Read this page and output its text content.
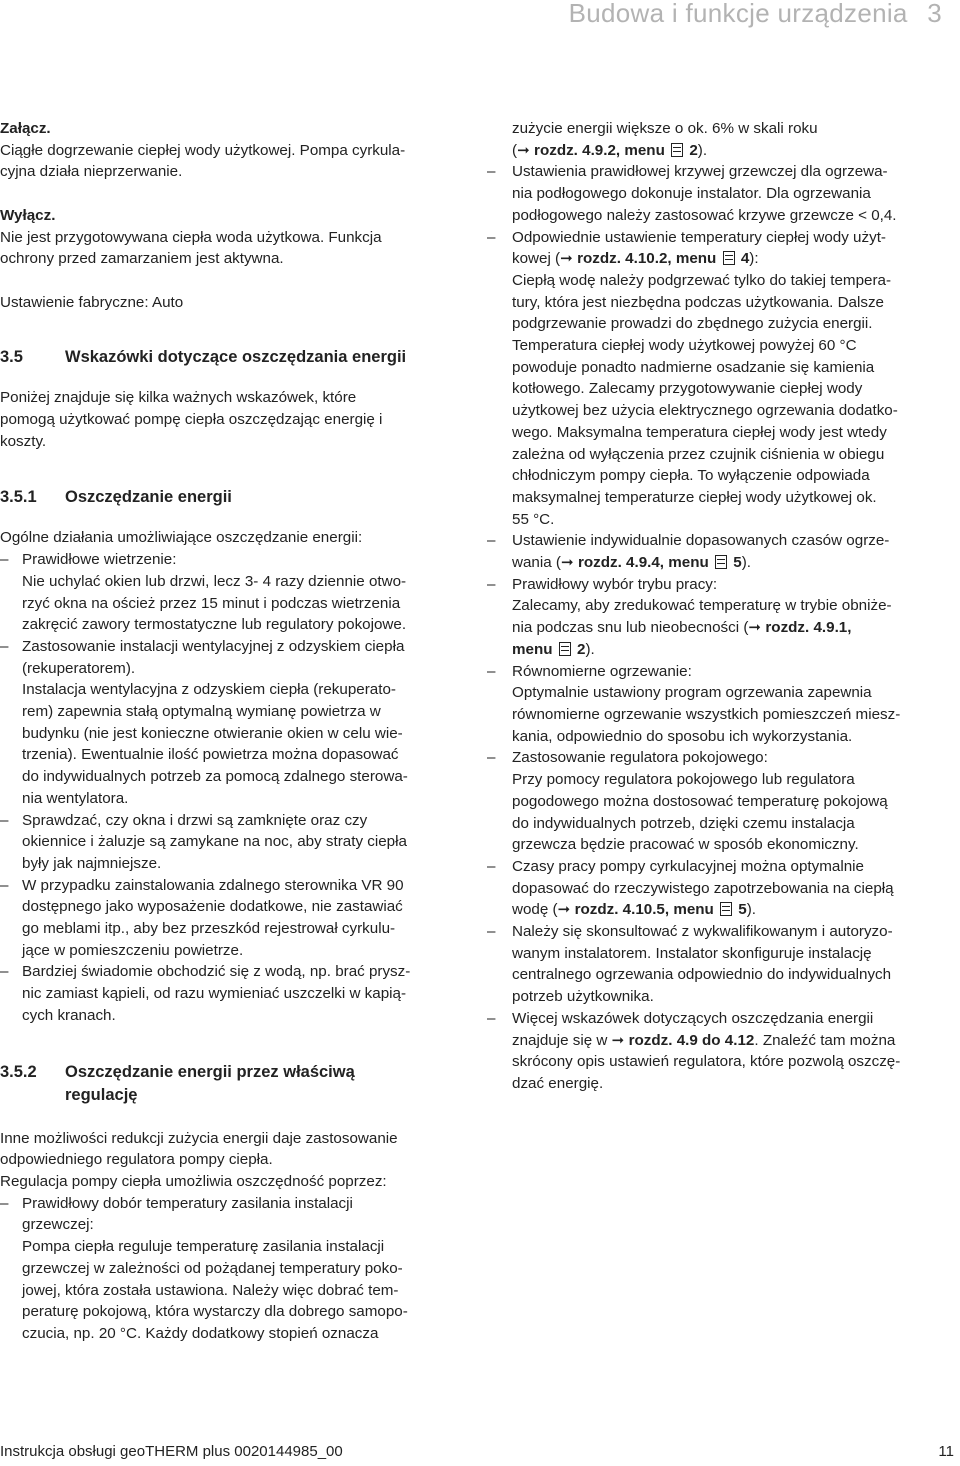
Budowa i funkcje urządzenia 3

Załącz.

Ciągłe dogrzewanie ciepłej wody użytkowej. Pompa cyrkula-

cyjna działa nieprzerwanie.

Wyłącz.

Nie jest przygotowywana ciepła woda użytkowa. Funkcja

ochrony przed zamarzaniem jest aktywna.

Ustawienie fabryczne: Auto

3.5	Wskazówki dotyczące oszczędzania energii

Poniżej znajduje się kilka ważnych wskazówek, które

pomogą użytkować pompę ciepła oszczędzając energię i

koszty.

3.5.1 Oszczędzanie energii

Ogólne działania umożliwiające oszczędzanie energii:

– Prawidłowe wietrzenie:

Nie uchylać okien lub drzwi, lecz 3- 4 razy dziennie otwo-

rzyć okna na oścież przez 15 minut i podczas wietrzenia

zakręcić zawory termostatyczne lub regulatory pokojowe.

– Zastosowanie instalacji wentylacyjnej z odzyskiem ciepła

(rekuperatorem).

Instalacja wentylacyjna z odzyskiem ciepła (rekuperato-

rem) zapewnia stałą optymalną wymianę powietrza w

budynku (nie jest konieczne otwieranie okien w celu wie-

trzenia). Ewentualnie ilość powietrza można dopasować

do indywidualnych potrzeb za pomocą zdalnego sterowa-

nia wentylatora.

– Sprawdzać, czy okna i drzwi są zamknięte oraz czy

okiennice i żaluzje są zamykane na noc, aby straty ciepła

były jak najmniejsze.

– W przypadku zainstalowania zdalnego sterownika VR 90

dostępnego jako wyposażenie dodatkowe, nie zastawiać

go meblami itp., aby bez przeszkód rejestrował cyrkulu-

jące w pomieszczeniu powietrze.

– Bardziej świadomie obchodzić się z wodą, np. brać prysz-

nic zamiast kąpieli, od razu wymieniać uszczelki w kapią-

cych kranach.

3.5.2 Oszczędzanie energii przez właściwą
regulację

Inne możliwości redukcji zużycia energii daje zastosowanie

odpowiedniego regulatora pompy ciepła.

Regulacja pompy ciepła umożliwia oszczędność poprzez:

– Prawidłowy dobór temperatury zasilania instalacji

grzewczej:

Pompa ciepła reguluje temperaturę zasilania instalacji

grzewczej w zależności od pożądanej temperatury poko-

jowej, która została ustawiona. Należy więc dobrać tem-

peraturę pokojową, która wystarczy dla dobrego samopo-

czucia, np. 20 °C. Każdy dodatkowy stopień oznacza

zużycie energii większe o ok. 6% w skali roku

(➞ rozdz. 4.9.2, menu 2).

– Ustawienia prawidłowej krzywej grzewczej dla ogrzewa-

nia podłogowego dokonuje instalator. Dla ogrzewania

podłogowego należy zastosować krzywe grzewcze < 0,4.

– Odpowiednie ustawienie temperatury ciepłej wody użyt-

kowej (➞ rozdz. 4.10.2, menu 4):

Ciepłą wodę należy podgrzewać tylko do takiej tempera-

tury, która jest niezbędna podczas użytkowania. Dalsze

podgrzewanie prowadzi do zbędnego zużycia energii.

Temperatura ciepłej wody użytkowej powyżej 60 °C

powoduje ponadto nadmierne osadzanie się kamienia

kotłowego. Zalecamy przygotowywanie ciepłej wody

użytkowej bez użycia elektrycznego ogrzewania dodatko-

wego. Maksymalna temperatura ciepłej wody jest wtedy

zależna od wyłączenia przez czujnik ciśnienia w obiegu

chłodniczym pompy ciepła. To wyłączenie odpowiada

maksymalnej temperaturze ciepłej wody użytkowej ok.

55 °C.

– Ustawienie indywidualnie dopasowanych czasów ogrze-

wania (➞ rozdz. 4.9.4, menu 5).

– Prawidłowy wybór trybu pracy:

Zalecamy, aby zredukować temperaturę w trybie obniże-

nia podczas snu lub nieobecności (➞ rozdz. 4.9.1,

menu 2).

– Równomierne ogrzewanie:

Optymalnie ustawiony program ogrzewania zapewnia

równomierne ogrzewanie wszystkich pomieszczeń miesz-

kania, odpowiednio do sposobu ich wykorzystania.

– Zastosowanie regulatora pokojowego:

Przy pomocy regulatora pokojowego lub regulatora

pogodowego można dostosować temperaturę pokojową

do indywidualnych potrzeb, dzięki czemu instalacja

grzewcza będzie pracować w sposób ekonomiczny.

– Czasy pracy pompy cyrkulacyjnej można optymalnie

dopasować do rzeczywistego zapotrzebowania na ciepłą

wodę (➞ rozdz. 4.10.5, menu 5).

– Należy się skonsultować z wykwalifikowanym i autoryzo-

wanym instalatorem. Instalator skonfiguruje instalację

centralnego ogrzewania odpowiednio do indywidualnych

potrzeb użytkownika.

– Więcej wskazówek dotyczących oszczędzania energii

znajduje się w ➞ rozdz. 4.9 do 4.12. Znaleźć tam można

skrócony opis ustawień regulatora, które pozwolą oszczę-

dzać energię.

Instrukcja obsługi geoTHERM plus 0020144985_00	11
